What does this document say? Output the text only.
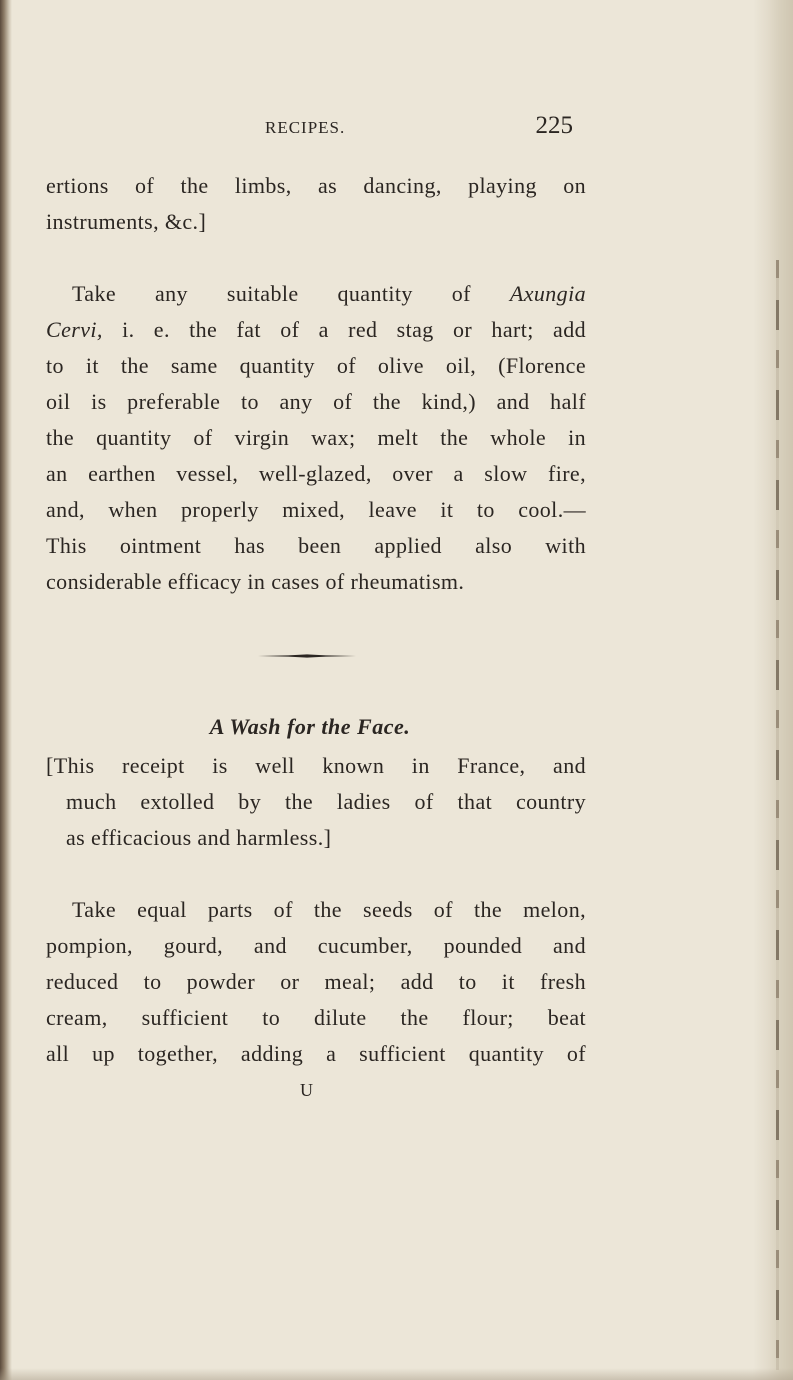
RECIPES.	225
ertions of the limbs, as dancing, playing on
instruments, &c.]
Take any suitable quantity of Axungia
Cervi, i. e. the fat of a red stag or hart; add
to it the same quantity of olive oil, (Florence
oil is preferable to any of the kind,) and half
the quantity of virgin wax; melt the whole in
an earthen vessel, well-glazed, over a slow fire,
and, when properly mixed, leave it to cool.—
This ointment has been applied also with
considerable efficacy in cases of rheumatism.
A Wash for the Face.
[This receipt is well known in France, and
much extolled by the ladies of that country
as efficacious and harmless.]
Take equal parts of the seeds of the melon,
pompion, gourd, and cucumber, pounded and
reduced to powder or meal; add to it fresh
cream, sufficient to dilute the flour; beat
all up together, adding a sufficient quantity of
U
